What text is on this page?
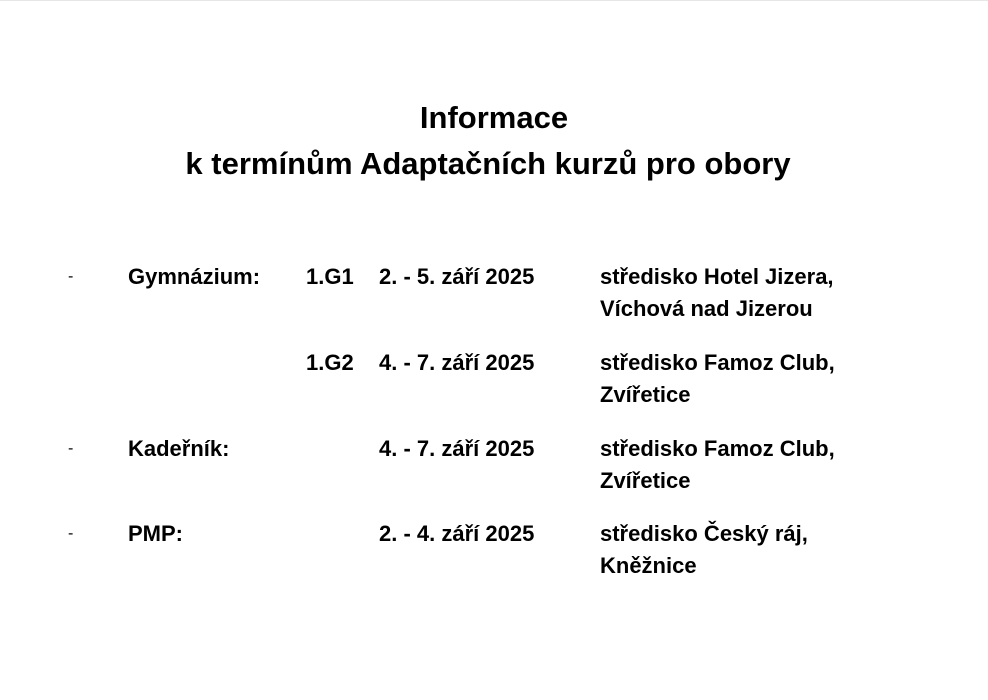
Informace
k termínům Adaptačních kurzů pro obory
- Gymnázium: 1.G1 2. - 5. září 2025	středisko Hotel Jizera,
Víchová nad Jizerou
1.G2 4. - 7. září 2025	středisko Famoz Club,
Zvířetice
- Kadeřník:	4. - 7. září 2025	středisko Famoz Club,
Zvířetice
- PMP:	2. - 4. září 2025	středisko Český ráj,
Kněžnice
